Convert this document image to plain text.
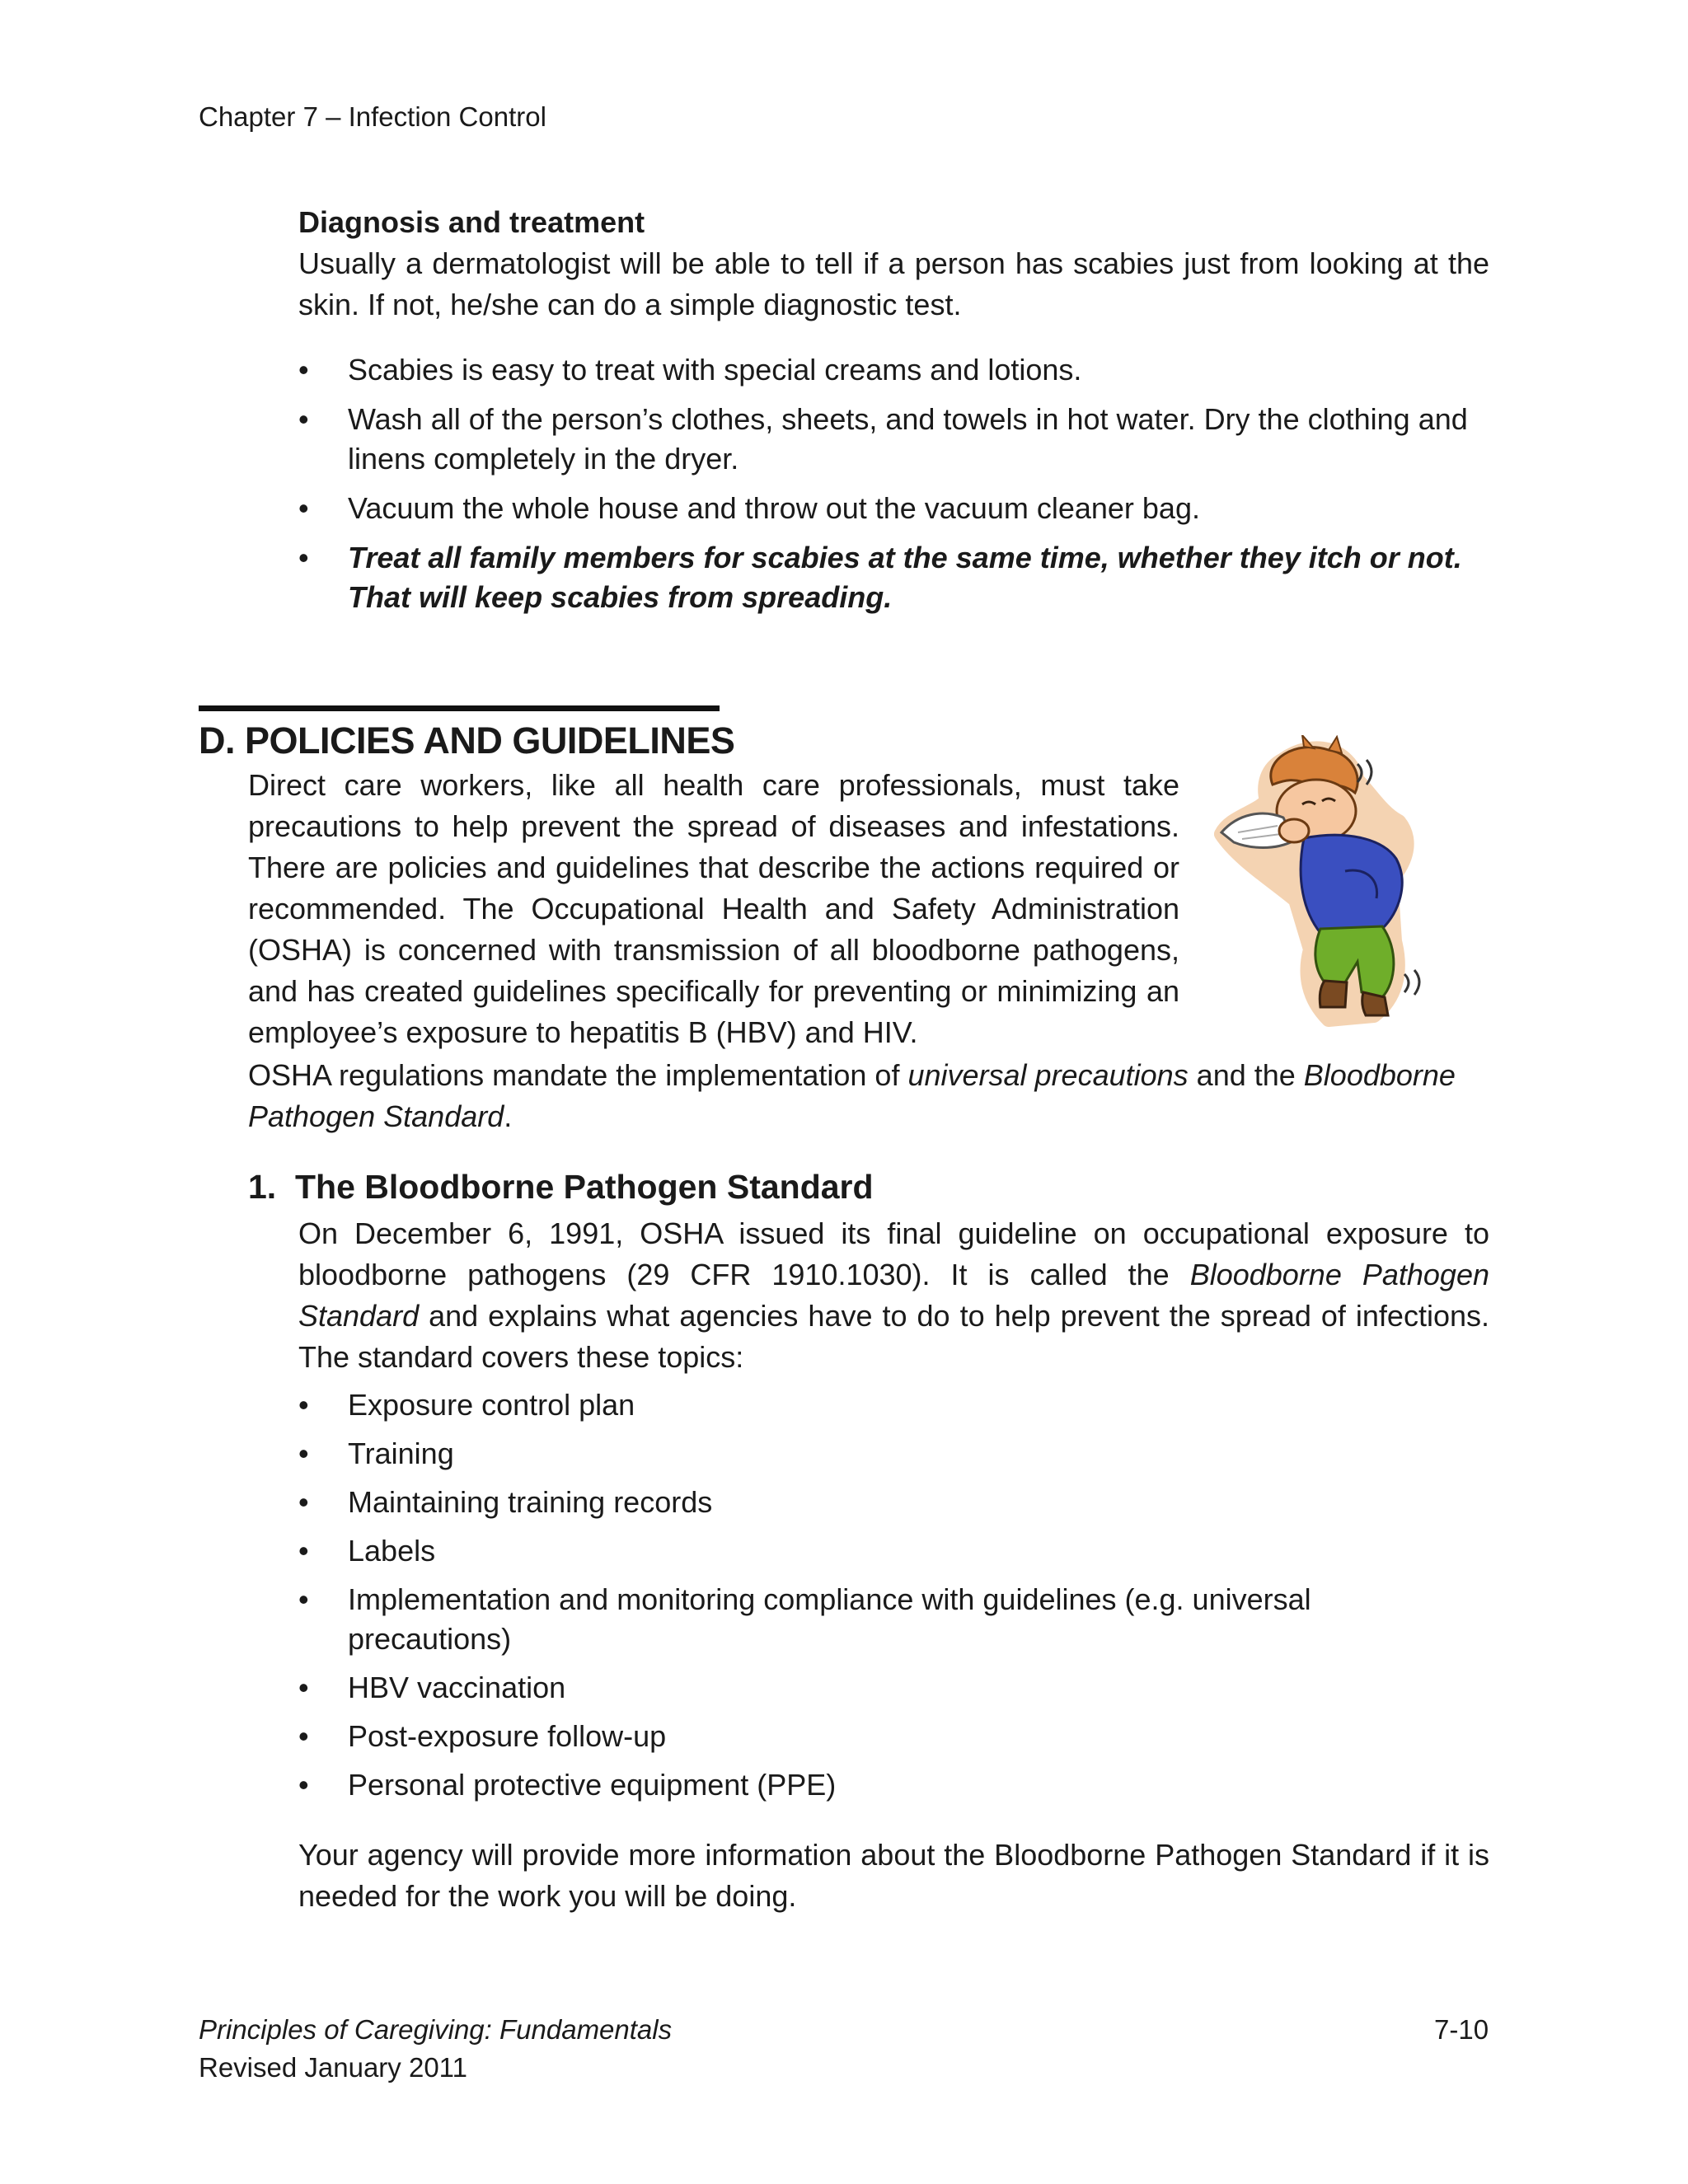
Chapter 7 – Infection Control
Diagnosis and treatment
Usually a dermatologist will be able to tell if a person has scabies just from looking at the skin. If not, he/she can do a simple diagnostic test.
• Scabies is easy to treat with special creams and lotions.
• Wash all of the person’s clothes, sheets, and towels in hot water. Dry the clothing and linens completely in the dryer.
• Vacuum the whole house and throw out the vacuum cleaner bag.
• Treat all family members for scabies at the same time, whether they itch or not. That will keep scabies from spreading.
D. POLICIES AND GUIDELINES
Direct care workers, like all health care professionals, must take precautions to help prevent the spread of diseases and infestations. There are policies and guidelines that describe the actions required or recommended. The Occupational Health and Safety Administration (OSHA) is concerned with transmission of all bloodborne pathogens, and has created guidelines specifically for preventing or minimizing an employee’s exposure to hepatitis B (HBV) and HIV.
OSHA regulations mandate the implementation of universal precautions and the Bloodborne Pathogen Standard.
1.  The Bloodborne Pathogen Standard
On December 6, 1991, OSHA issued its final guideline on occupational exposure to bloodborne pathogens (29 CFR 1910.1030). It is called the Bloodborne Pathogen Standard and explains what agencies have to do to help prevent the spread of infections. The standard covers these topics:
• Exposure control plan
• Training
• Maintaining training records
• Labels
• Implementation and monitoring compliance with guidelines (e.g. universal precautions)
• HBV vaccination
• Post-exposure follow-up
• Personal protective equipment (PPE)
Your agency will provide more information about the Bloodborne Pathogen Standard if it is needed for the work you will be doing.
Principles of Caregiving: Fundamentals
Revised January 2011
7-10
